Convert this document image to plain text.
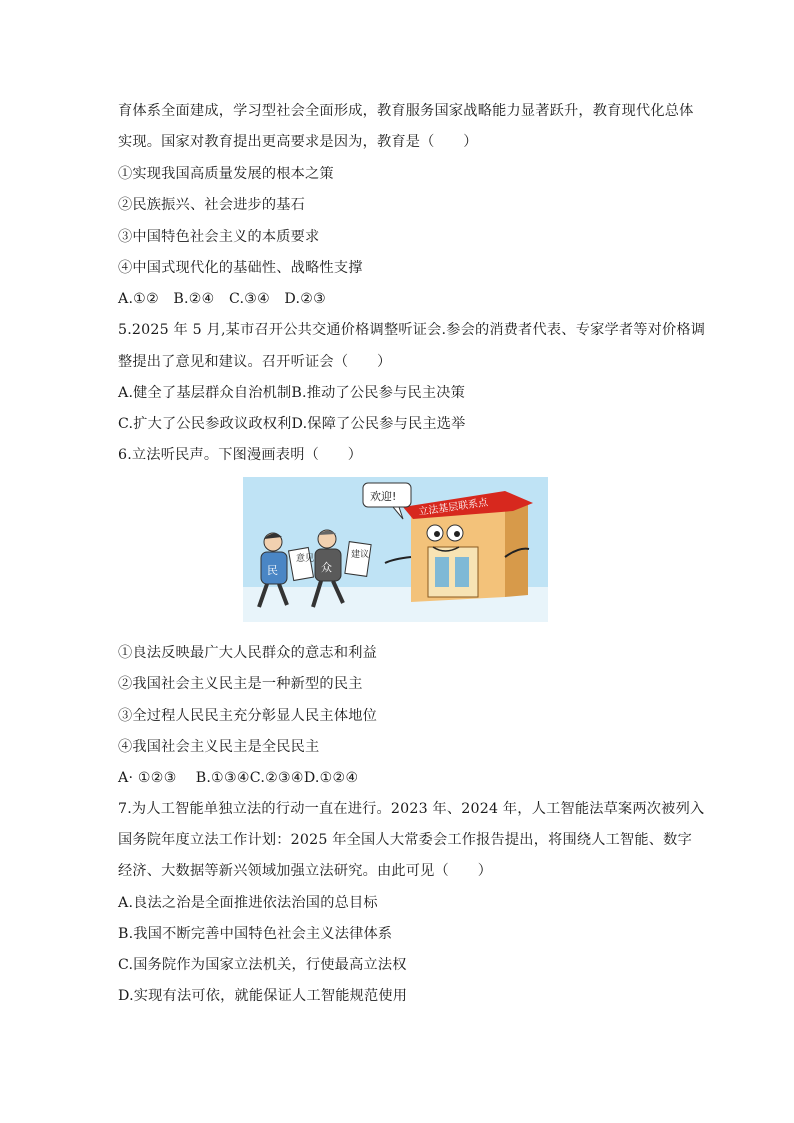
育体系全面建成，学习型社会全面形成，教育服务国家战略能力显著跃升，教育现代化总体
实现。国家对教育提出更高要求是因为，教育是（　　）
①实现我国高质量发展的根本之策
②民族振兴、社会进步的基石
③中国特色社会主义的本质要求
④中国式现代化的基础性、战略性支撑
A.①②　B.②④　C.③④　D.②③
5.2025 年 5 月,某市召开公共交通价格调整听证会.参会的消费者代表、专家学者等对价格调
整提出了意见和建议。召开听证会（　　）
A.健全了基层群众自治机制B.推动了公民参与民主决策
C.扩大了公民参政议政权利D.保障了公民参与民主选举
6.立法听民声。下图漫画表明（　　）
立法基层联系点
欢迎!
民
意见
众
建议
①良法反映最广大人民群众的意志和利益
②我国社会主义民主是一种新型的民主
③全过程人民民主充分彰显人民主体地位
④我国社会主义民主是全民民主
A· ①②③　 B.①③④C.②③④D.①②④
7.为人工智能单独立法的行动一直在进行。2023 年、2024 年，人工智能法草案两次被列入
国务院年度立法工作计划：2025 年全国人大常委会工作报告提出，将围绕人工智能、数字
经济、大数据等新兴领域加强立法研究。由此可见（　　）
A.良法之治是全面推进依法治国的总目标
B.我国不断完善中国特色社会主义法律体系
C.国务院作为国家立法机关，行使最高立法权
D.实现有法可依，就能保证人工智能规范使用
